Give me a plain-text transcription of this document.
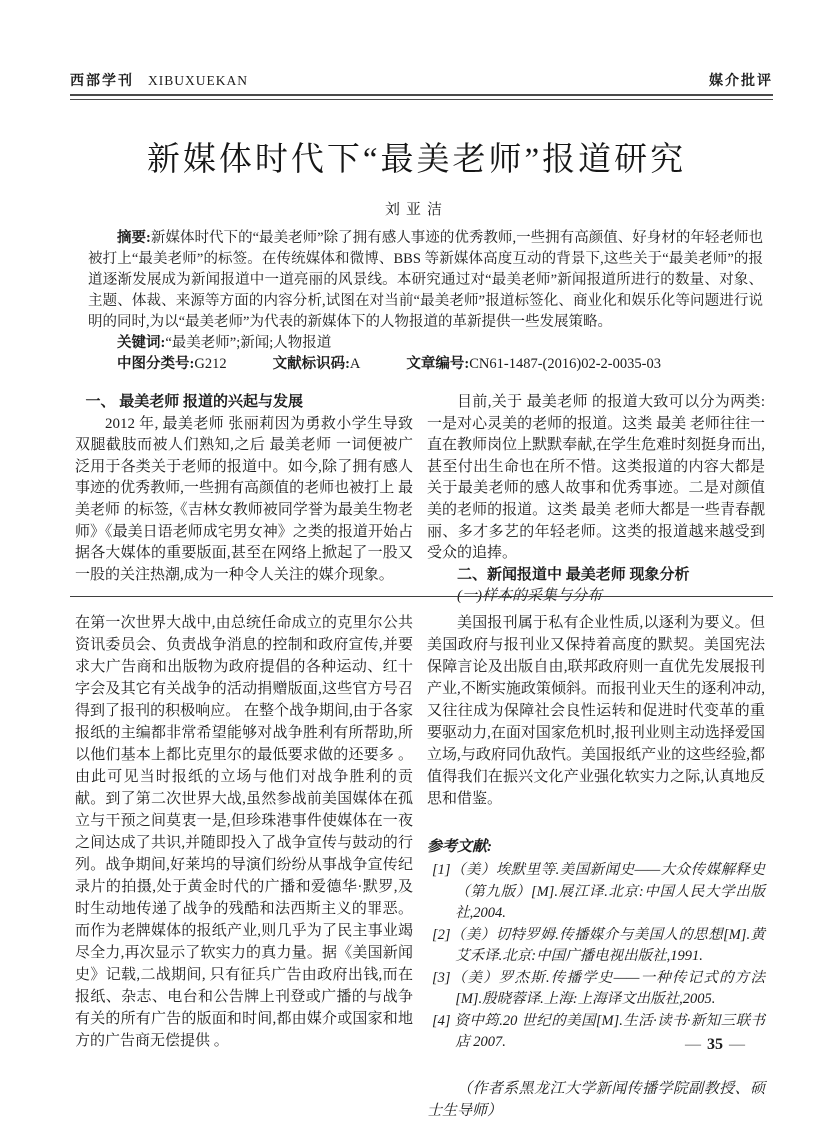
西部学刊 XIBUXUEKAN	媒介批评
新媒体时代下“最美老师”报道研究
刘亚洁

摘要:新媒体时代下的“最美老师”除了拥有感人事迹的优秀教师,一些拥有高颜值、好身材的年轻老师也被打上“最美老师”的标签。在传统媒体和微博、BBS 等新媒体高度互动的背景下,这些关于“最美老师”的报道逐渐发展成为新闻报道中一道亮丽的风景线。本研究通过对“最美老师”新闻报道所进行的数量、对象、主题、体裁、来源等方面的内容分析,试图在对当前“最美老师”报道标签化、商业化和娱乐化等问题进行说明的同时,为以“最美老师”为代表的新媒体下的人物报道的革新提供一些发展策略。

关键词:“最美老师”;新闻;人物报道

中图分类号:G212	文献标识码:A	文章编号:CN61-1487-(2016)02-2-0035-03

一、 最美老师 报道的兴起与发展

2012 年, 最美老师 张丽莉因为勇救小学生导致双腿截肢而被人们熟知,之后 最美老师 一词便被广泛用于各类关于老师的报道中。如今,除了拥有感人事迹的优秀教师,一些拥有高颜值的老师也被打上 最美老师 的标签,《吉林女教师被同学誉为最美生物老师》《最美日语老师成宅男女神》之类的报道开始占据各大媒体的重要版面,甚至在网络上掀起了一股又一股的关注热潮,成为一种令人关注的媒介现象。

目前,关于 最美老师 的报道大致可以分为两类:一是对心灵美的老师的报道。这类 最美 老师往往一直在教师岗位上默默奉献,在学生危难时刻挺身而出,甚至付出生命也在所不惜。这类报道的内容大都是关于最美老师的感人故事和优秀事迹。二是对颜值美的老师的报道。这类 最美 老师大都是一些青春靓丽、多才多艺的年轻老师。这类的报道越来越受到受众的追捧。

二、新闻报道中 最美老师 现象分析

(一)样本的采集与分布

在第一次世界大战中,由总统任命成立的克里尔公共资讯委员会、负责战争消息的控制和政府宣传,并要求大广告商和出版物为政府提倡的各种运动、红十字会及其它有关战争的活动捐赠版面,这些官方号召得到了报刊的积极响应。 在整个战争期间,由于各家报纸的主编都非常希望能够对战争胜利有所帮助,所以他们基本上都比克里尔的最低要求做的还要多 。 由此可见当时报纸的立场与他们对战争胜利的贡献。到了第二次世界大战,虽然参战前美国媒体在孤立与干预之间莫衷一是,但珍珠港事件使媒体在一夜之间达成了共识,并随即投入了战争宣传与鼓动的行列。战争期间,好莱坞的导演们纷纷从事战争宣传纪录片的拍摄,处于黄金时代的广播和爱德华·默罗,及时生动地传递了战争的残酷和法西斯主义的罪恶。而作为老牌媒体的报纸产业,则几乎为了民主事业竭尽全力,再次显示了软实力的真力量。据《美国新闻史》记载,二战期间, 只有征兵广告由政府出钱,而在报纸、杂志、电台和公告牌上刊登或广播的与战争有关的所有广告的版面和时间,都由媒介或国家和地方的广告商无偿提供 。

美国报刊属于私有企业性质,以逐利为要义。但美国政府与报刊业又保持着高度的默契。美国宪法保障言论及出版自由,联邦政府则一直优先发展报刊产业,不断实施政策倾斜。而报刊业天生的逐利冲动,又往往成为保障社会良性运转和促进时代变革的重要驱动力,在面对国家危机时,报刊业则主动选择爱国立场,与政府同仇敌忾。美国报纸产业的这些经验,都值得我们在振兴文化产业强化软实力之际,认真地反思和借鉴。

参考文献:

[1]（美）埃默里等.美国新闻史——大众传媒解释史（第九版）[M].展江译.北京:中国人民大学出版社,2004.
[2]（美）切特罗姆.传播媒介与美国人的思想[M].黄艾禾译.北京:中国广播电视出版社,1991.
[3]（美）罗杰斯.传播学史——一种传记式的方法[M].殷晓蓉译.上海:上海译文出版社,2005.
[4] 资中筠.20 世纪的美国[M].生活·读书·新知三联书店 2007.

（作者系黑龙江大学新闻传播学院副教授、硕士生导师）

— 35 —
